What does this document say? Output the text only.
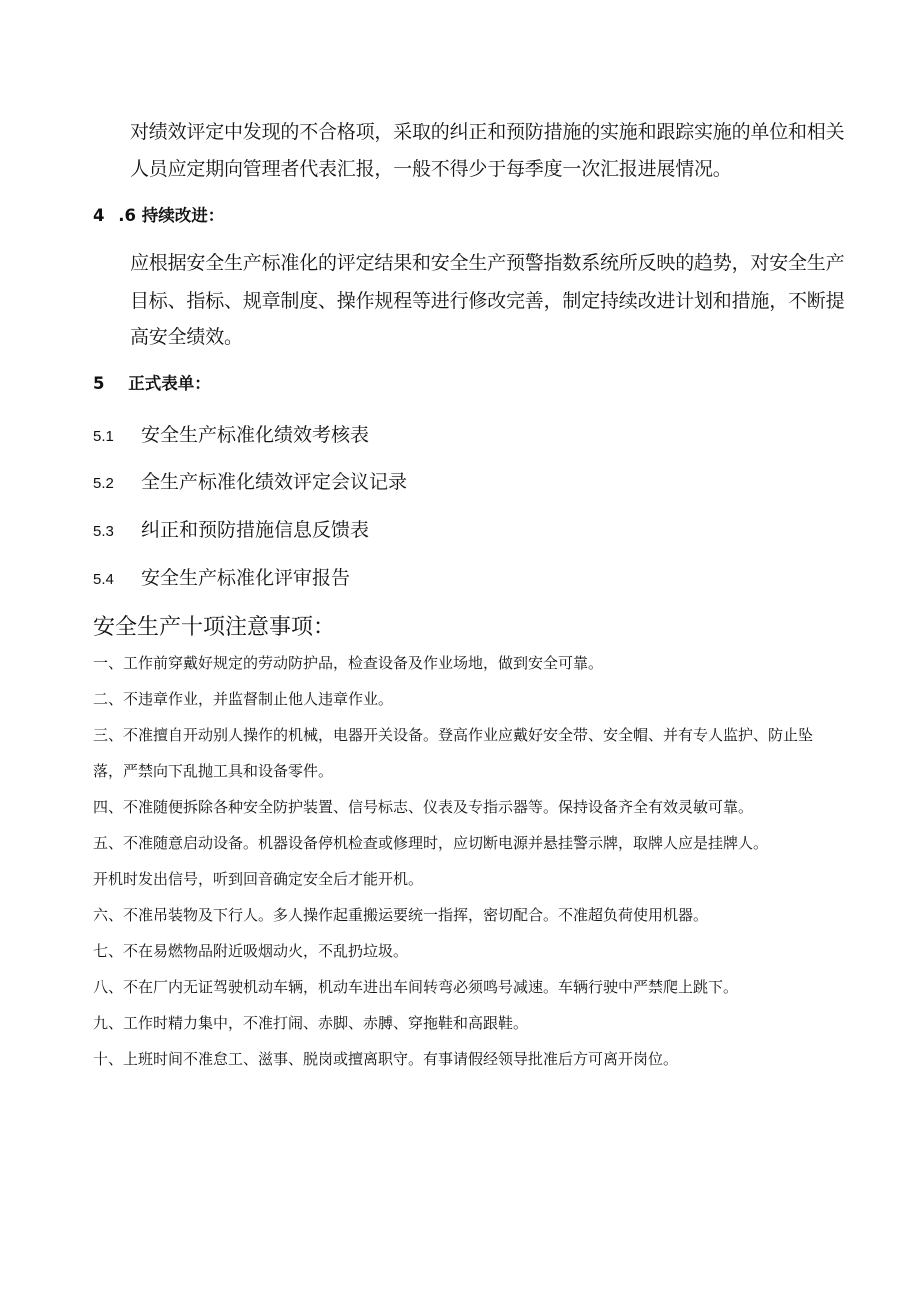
对绩效评定中发现的不合格项，采取的纠正和预防措施的实施和跟踪实施的单位和相关
人员应定期向管理者代表汇报，一般不得少于每季度一次汇报进展情况。
4 .6 持续改进：
应根据安全生产标准化的评定结果和安全生产预警指数系统所反映的趋势，对安全生产
目标、指标、规章制度、操作规程等进行修改完善，制定持续改进计划和措施，不断提
高安全绩效。
5 正式表单：
5.1 安全生产标准化绩效考核表
5.2 全生产标准化绩效评定会议记录
5.3 纠正和预防措施信息反馈表
5.4 安全生产标准化评审报告
安全生产十项注意事项：
一、工作前穿戴好规定的劳动防护品，检查设备及作业场地，做到安全可靠。
二、不违章作业，并监督制止他人违章作业。
三、不准擅自开动别人操作的机械，电器开关设备。登高作业应戴好安全带、安全帽、并有专人监护、防止坠
落，严禁向下乱抛工具和设备零件。
四、不准随便拆除各种安全防护装置、信号标志、仪表及专指示器等。保持设备齐全有效灵敏可靠。
五、不准随意启动设备。机器设备停机检查或修理时，应切断电源并悬挂警示牌，取牌人应是挂牌人。
开机时发出信号，听到回音确定安全后才能开机。
六、不准吊装物及下行人。多人操作起重搬运要统一指挥，密切配合。不准超负荷使用机器。
七、不在易燃物品附近吸烟动火，不乱扔垃圾。
八、不在厂内无证驾驶机动车辆，机动车进出车间转弯必须鸣号减速。车辆行驶中严禁爬上跳下。
九、工作时精力集中，不准打闹、赤脚、赤膊、穿拖鞋和高跟鞋。
十、上班时间不准怠工、滋事、脱岗或擅离职守。有事请假经领导批准后方可离开岗位。
